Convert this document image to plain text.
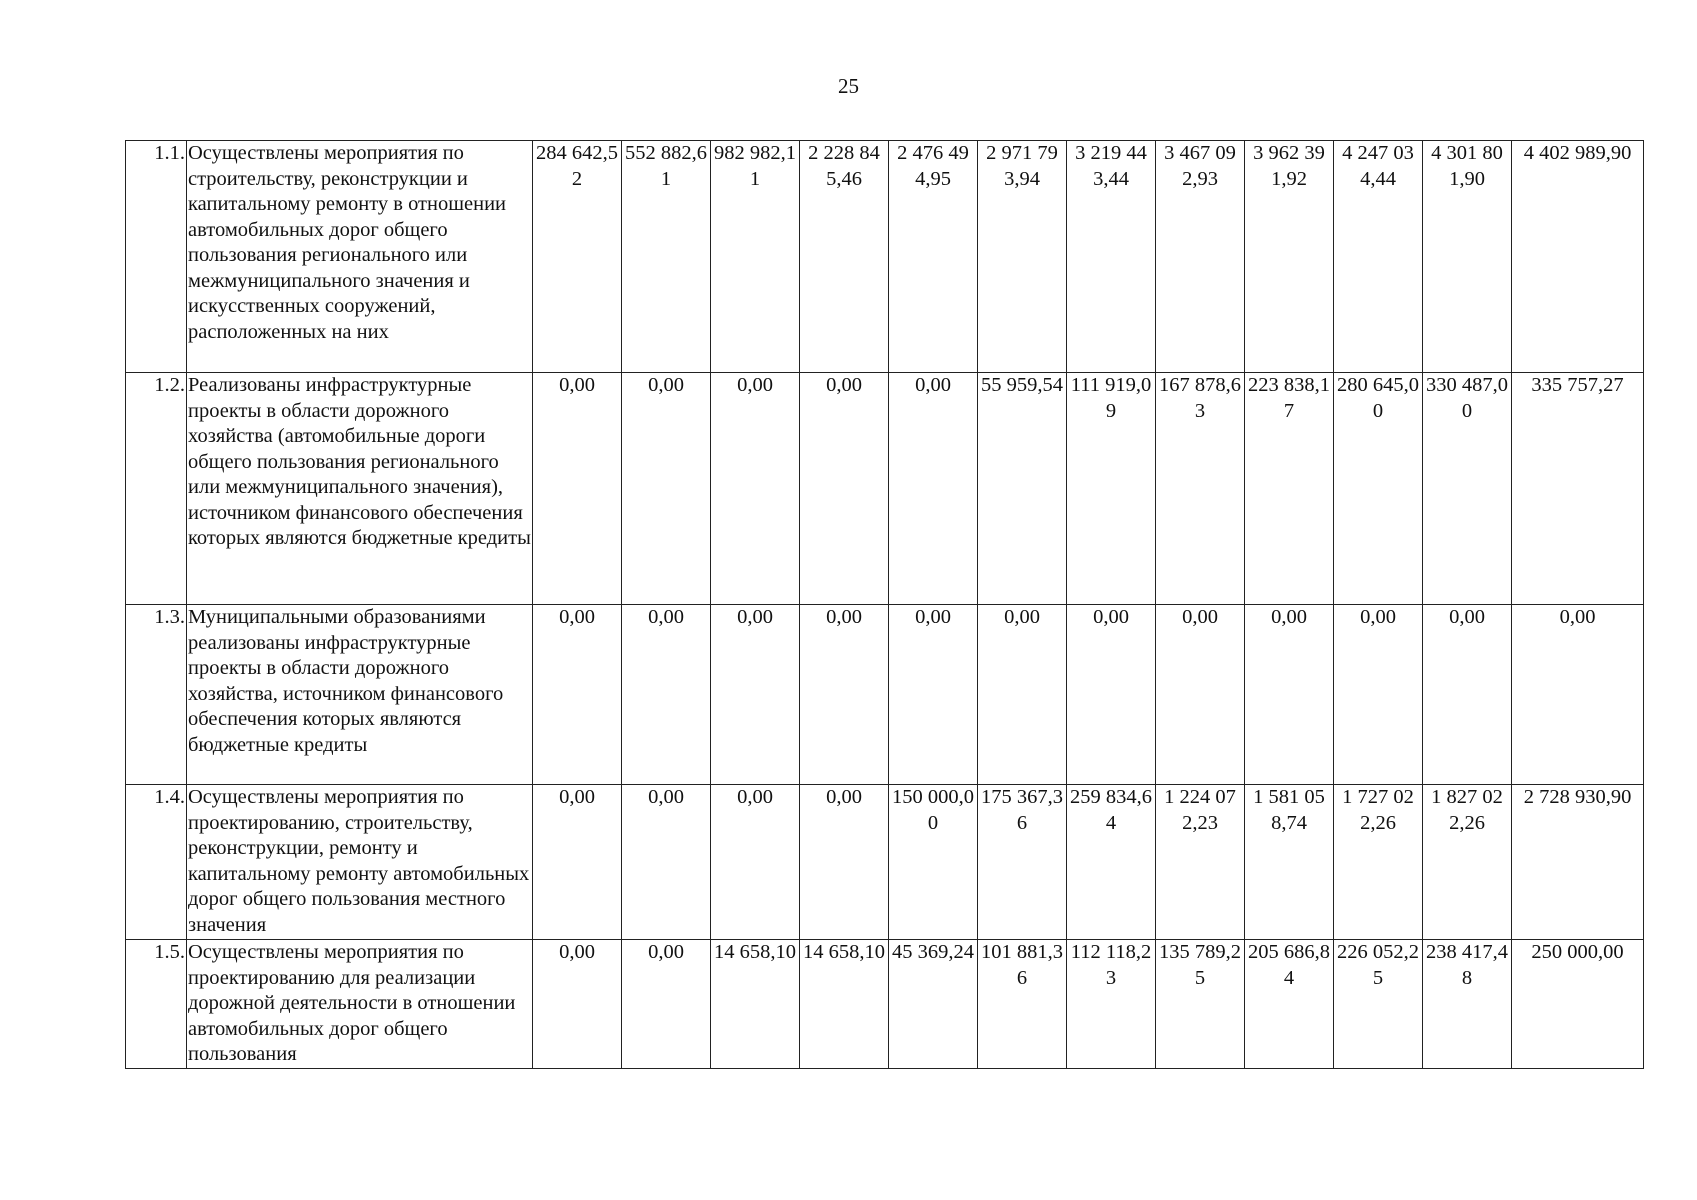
25
1.1.	Осуществлены мероприятия по строительству, реконструкции и капитальному ремонту в отношении автомобильных дорог общего пользования регионального или межмуниципального значения и искусственных сооружений, расположенных на них	284 642,52	552 882,61	982 982,11	2 228 845,46	2 476 494,95	2 971 793,94	3 219 443,44	3 467 092,93	3 962 391,92	4 247 034,44	4 301 801,90	4 402 989,90
1.2.	Реализованы инфраструктурные проекты в области дорожного хозяйства (автомобильные дороги общего пользования регионального или межмуниципального значения), источником финансового обеспечения которых являются бюджетные кредиты	0,00	0,00	0,00	0,00	0,00	55 959,54	111 919,09	167 878,63	223 838,17	280 645,00	330 487,00	335 757,27
1.3.	Муниципальными образованиями реализованы инфраструктурные проекты в области дорожного хозяйства, источником финансового обеспечения которых являются бюджетные кредиты	0,00	0,00	0,00	0,00	0,00	0,00	0,00	0,00	0,00	0,00	0,00	0,00
1.4.	Осуществлены мероприятия по проектированию, строительству, реконструкции, ремонту и капитальному ремонту автомобильных дорог общего пользования местного значения	0,00	0,00	0,00	0,00	150 000,00	175 367,36	259 834,64	1 224 072,23	1 581 058,74	1 727 022,26	1 827 022,26	2 728 930,90
1.5.	Осуществлены мероприятия по проектированию для реализации дорожной деятельности в отношении автомобильных дорог общего пользования	0,00	0,00	14 658,10	14 658,10	45 369,24	101 881,36	112 118,23	135 789,25	205 686,84	226 052,25	238 417,48	250 000,00
